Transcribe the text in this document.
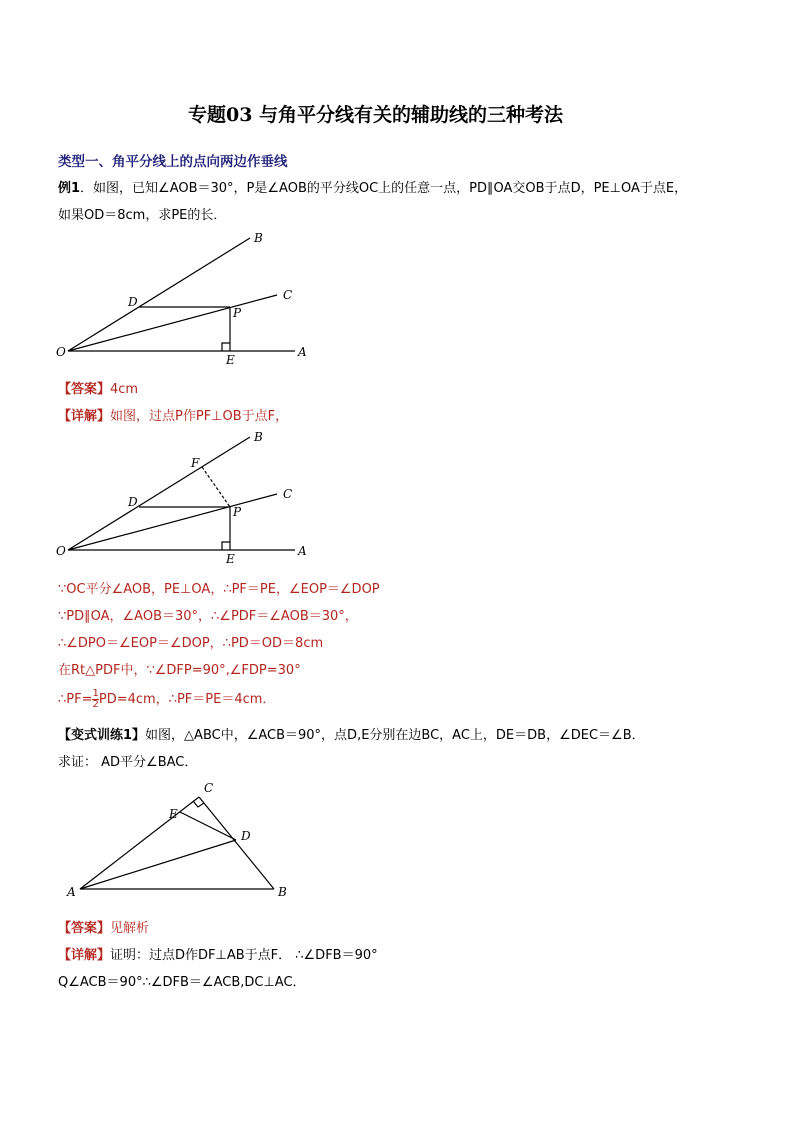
专题03 与角平分线有关的辅助线的三种考法
类型一、角平分线上的点向两边作垂线
例1．如图，已知∠AOB＝30°，P是∠AOB的平分线OC上的任意一点，PD∥OA交OB于点D，PE⊥OA于点E，
如果OD＝8cm，求PE的长．
B
C
D
P
O
E
A
【答案】4cm
【详解】如图，过点P作PF⊥OB于点F，
B
F
C
D
P
O
E
A
∵OC平分∠AOB，PE⊥OA，∴PF＝PE，∠EOP＝∠DOP
∵PD∥OA，∠AOB＝30°，∴∠PDF＝∠AOB＝30°，
∴∠DPO＝∠EOP＝∠DOP，∴PD＝OD＝8cm
在Rt△PDF中，∵∠DFP=90°,∠FDP=30°
∴PF= $\frac{1}{2} PD=4cm$，∴PF＝PE＝4cm．
【变式训练1】如图，△ABC中，∠ACB＝90°，点D,E分别在边BC，AC上，DE＝DB，∠DEC＝∠B．
求证： AD平分∠BAC．
C
E
D
A	B
【答案】见解析
【详解】证明：过点D作DF⊥AB于点F． ∴∠DFB＝90°
Q∠ACB＝90°∴∠DFB＝∠ACB,DC⊥AC．
